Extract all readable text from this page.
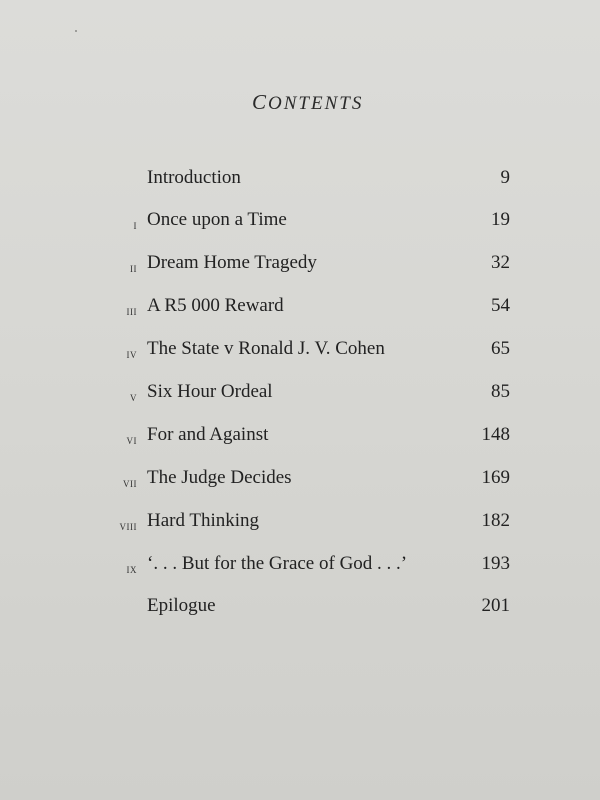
CONTENTS
Introduction	9
i Once upon a Time	19
ii Dream Home Tragedy	32
iii A R5 000 Reward	54
iv The State v Ronald J. V. Cohen	65
v Six Hour Ordeal	85
vi For and Against	148
vii The Judge Decides	169
viii Hard Thinking	182
ix ‘. . . But for the Grace of God . . .’	193
Epilogue	201
